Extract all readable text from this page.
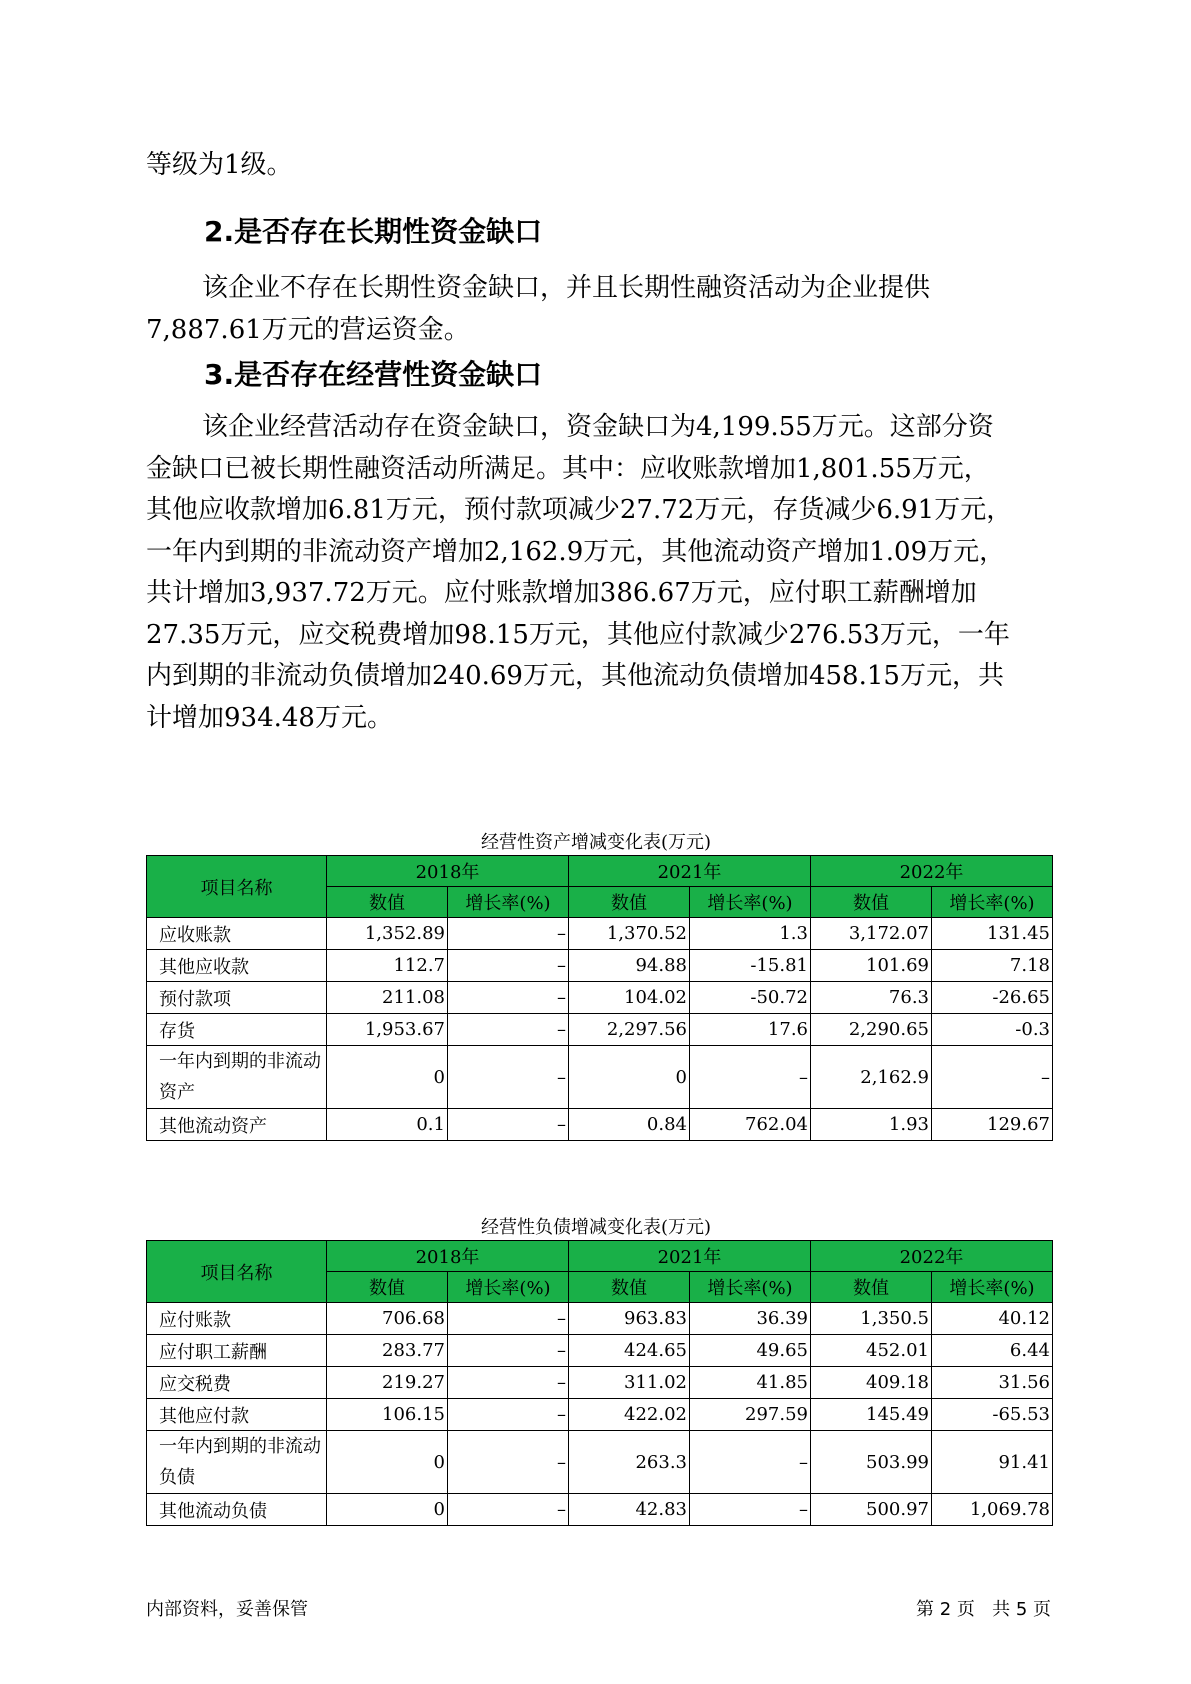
等级为1级。

2.是否存在长期性资金缺口

该企业不存在长期性资金缺口，并且长期性融资活动为企业提供
7,887.61万元的营运资金。

3.是否存在经营性资金缺口

该企业经营活动存在资金缺口，资金缺口为4,199.55万元。这部分资
金缺口已被长期性融资活动所满足。其中：应收账款增加1,801.55万元，
其他应收款增加6.81万元，预付款项减少27.72万元，存货减少6.91万元，
一年内到期的非流动资产增加2,162.9万元，其他流动资产增加1.09万元，
共计增加3,937.72万元。应付账款增加386.67万元，应付职工薪酬增加
27.35万元，应交税费增加98.15万元，其他应付款减少276.53万元，一年
内到期的非流动负债增加240.69万元，其他流动负债增加458.15万元，共
计增加934.48万元。

经营性资产增减变化表(万元)

项目名称	2018年		2021年		2022年	
	数值	增长率(%)	数值	增长率(%)	数值	增长率(%)
应收账款	1,352.89	–	1,370.52	1.3	3,172.07	131.45
其他应收款	112.7	–	94.88	-15.81	101.69	7.18
预付款项	211.08	–	104.02	-50.72	76.3	-26.65
存货	1,953.67	–	2,297.56	17.6	2,290.65	-0.3
一年内到期的非流动资产	0	–	0	–	2,162.9	–
其他流动资产	0.1	–	0.84	762.04	1.93	129.67

经营性负债增减变化表(万元)

项目名称	2018年		2021年		2022年	
	数值	增长率(%)	数值	增长率(%)	数值	增长率(%)
应付账款	706.68	–	963.83	36.39	1,350.5	40.12
应付职工薪酬	283.77	–	424.65	49.65	452.01	6.44
应交税费	219.27	–	311.02	41.85	409.18	31.56
其他应付款	106.15	–	422.02	297.59	145.49	-65.53
一年内到期的非流动负债	0	–	263.3	–	503.99	91.41
其他流动负债	0	–	42.83	–	500.97	1,069.78

内部资料，妥善保管	第 2 页   共 5 页
